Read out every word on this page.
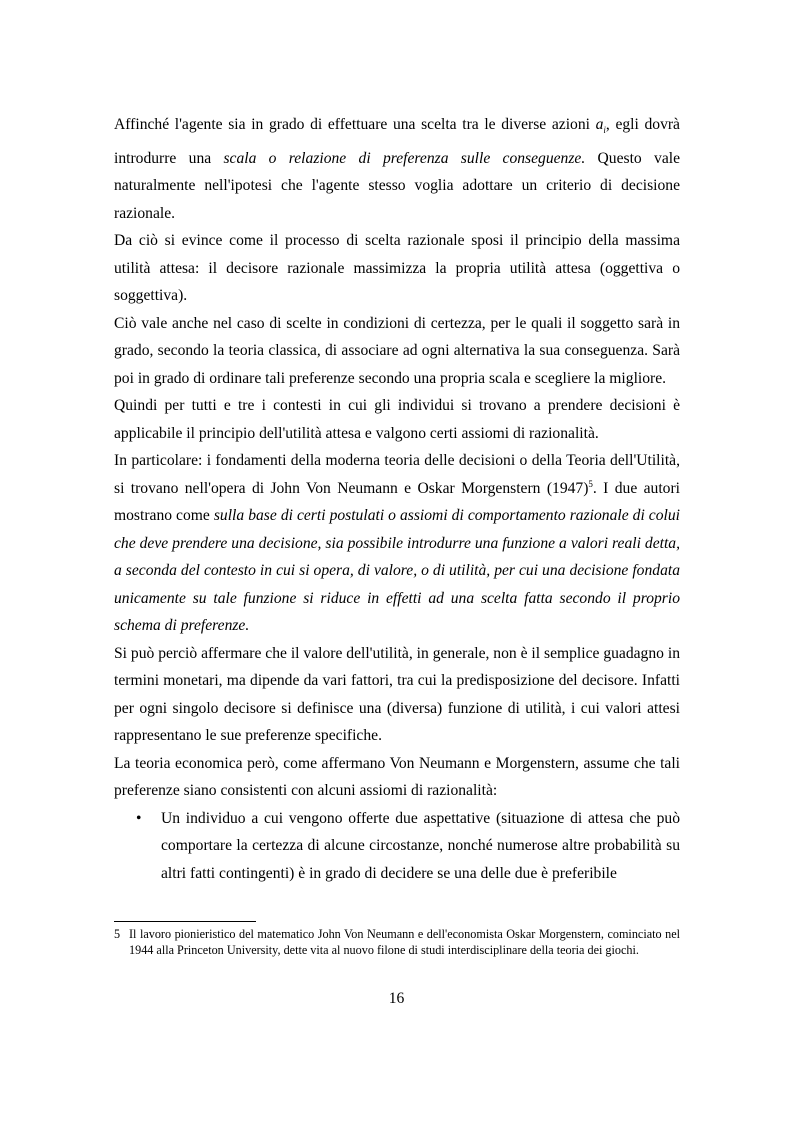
Affinché l'agente sia in grado di effettuare una scelta tra le diverse azioni $a_i$, egli dovrà introdurre una scala o relazione di preferenza sulle conseguenze. Questo vale naturalmente nell'ipotesi che l'agente stesso voglia adottare un criterio di decisione razionale.

Da ciò si evince come il processo di scelta razionale sposi il principio della massima utilità attesa: il decisore razionale massimizza la propria utilità attesa (oggettiva o soggettiva).

Ciò vale anche nel caso di scelte in condizioni di certezza, per le quali il soggetto sarà in grado, secondo la teoria classica, di associare ad ogni alternativa la sua conseguenza. Sarà poi in grado di ordinare tali preferenze secondo una propria scala e scegliere la migliore.

Quindi per tutti e tre i contesti in cui gli individui si trovano a prendere decisioni è applicabile il principio dell'utilità attesa e valgono certi assiomi di razionalità.

In particolare: i fondamenti della moderna teoria delle decisioni o della Teoria dell'Utilità, si trovano nell'opera di John Von Neumann e Oskar Morgenstern $(1947)^5$. I due autori mostrano come sulla base di certi postulati o assiomi di comportamento razionale di colui che deve prendere una decisione, sia possibile introdurre una funzione a valori reali detta, a seconda del contesto in cui si opera, di valore, o di utilità, per cui una decisione fondata unicamente su tale funzione si riduce in effetti ad una scelta fatta secondo il proprio schema di preferenze.

Si può perciò affermare che il valore dell'utilità, in generale, non è il semplice guadagno in termini monetari, ma dipende da vari fattori, tra cui la predisposizione del decisore. Infatti per ogni singolo decisore si definisce una (diversa) funzione di utilità, i cui valori attesi rappresentano le sue preferenze specifiche.

La teoria economica però, come affermano Von Neumann e Morgenstern, assume che tali preferenze siano consistenti con alcuni assiomi di razionalità:

• Un individuo a cui vengono offerte due aspettative (situazione di attesa che può comportare la certezza di alcune circostanze, nonché numerose altre probabilità su altri fatti contingenti) è in grado di decidere se una delle due è preferibile
5 Il lavoro pionieristico del matematico John Von Neumann e dell'economista Oskar Morgenstern, cominciato nel 1944 alla Princeton University, dette vita al nuovo filone di studi interdisciplinare della teoria dei giochi.
16
